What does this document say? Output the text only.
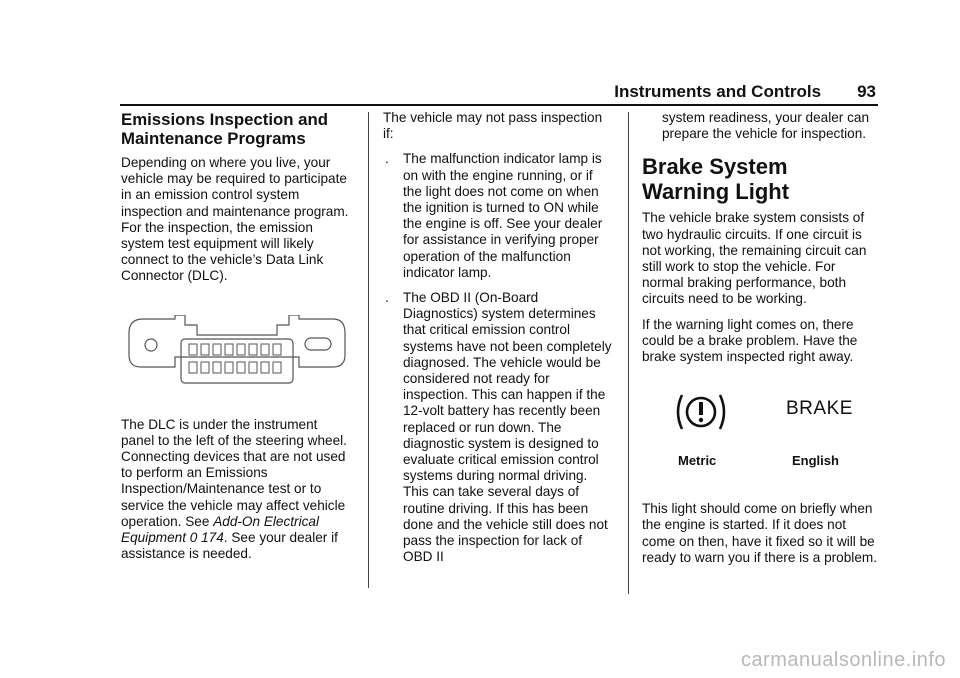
Instruments and Controls 93
Emissions Inspection and Maintenance Programs

Depending on where you live, your vehicle may be required to participate in an emission control system inspection and maintenance program. For the inspection, the emission system test equipment will likely connect to the vehicle’s Data Link Connector (DLC).

The DLC is under the instrument panel to the left of the steering wheel. Connecting devices that are not used to perform an Emissions Inspection/Maintenance test or to service the vehicle may affect vehicle operation. See Add-On Electrical Equipment 0 174. See your dealer if assistance is needed.

The vehicle may not pass inspection if:

. The malfunction indicator lamp is on with the engine running, or if the light does not come on when the ignition is turned to ON while the engine is off. See your dealer for assistance in verifying proper operation of the malfunction indicator lamp.
. The OBD II (On-Board Diagnostics) system determines that critical emission control systems have not been completely diagnosed. The vehicle would be considered not ready for inspection. This can happen if the 12-volt battery has recently been replaced or run down. The diagnostic system is designed to evaluate critical emission control systems during normal driving. This can take several days of routine driving. If this has been done and the vehicle still does not pass the inspection for lack of OBD II

system readiness, your dealer can prepare the vehicle for inspection.

Brake System Warning Light

The vehicle brake system consists of two hydraulic circuits. If one circuit is not working, the remaining circuit can still work to stop the vehicle. For normal braking performance, both circuits need to be working.

If the warning light comes on, there could be a brake problem. Have the brake system inspected right away.

BRAKE
Metric	English

This light should come on briefly when the engine is started. If it does not come on then, have it fixed so it will be ready to warn you if there is a problem.

carmanualsonline.info
